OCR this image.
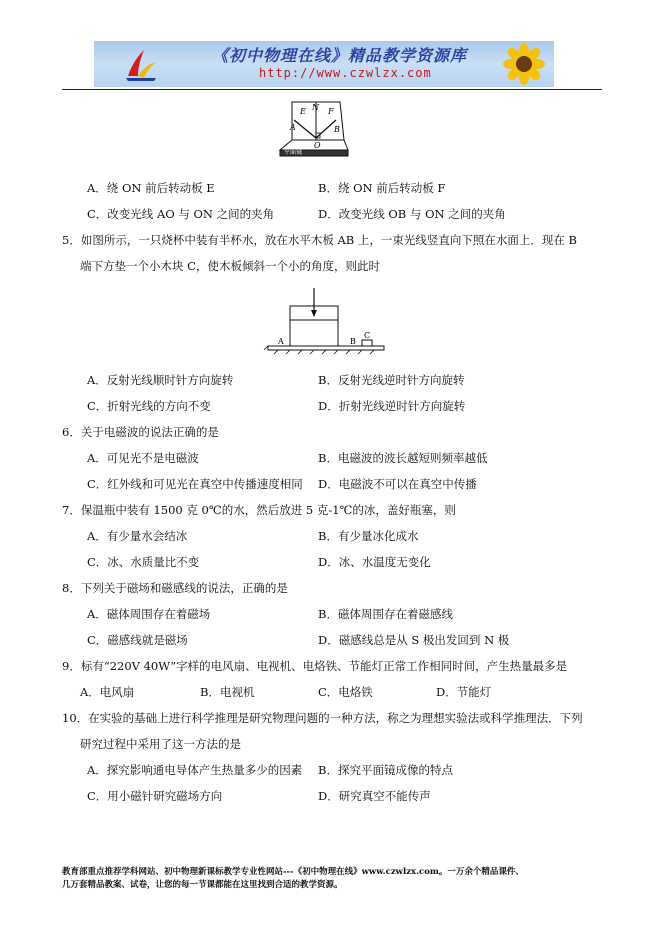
《初中物理在线》精品教学资源库
http://www.czwlzx.com
E N F
A	B
O
平面镜
A．绕 ON 前后转动板 E	B．绕 ON 前后转动板 F
C．改变光线 AO 与 ON 之间的夹角	D．改变光线 OB 与 ON 之间的夹角
5．如图所示，一只烧杯中装有半杯水，放在水平木板 AB 上，一束光线竖直向下照在水面上．现在 B
端下方垫一个小木块 C，使木板倾斜一个小的角度，则此时
A	B
C
A．反射光线顺时针方向旋转	B．反射光线逆时针方向旋转
C．折射光线的方向不变	D．折射光线逆时针方向旋转
6．关于电磁波的说法正确的是
A．可见光不是电磁波	B．电磁波的波长越短则频率越低
C．红外线和可见光在真空中传播速度相同 D．电磁波不可以在真空中传播
7．保温瓶中装有 1500 克 0℃的水，然后放进 5 克-1℃的冰，盖好瓶塞，则
A．有少量水会结冰	B．有少量冰化成水
C．冰、水质量比不变	D．冰、水温度无变化
8．下列关于磁场和磁感线的说法，正确的是
A．磁体周围存在着磁场	B．磁体周围存在着磁感线
C．磁感线就是磁场	D．磁感线总是从 S 极出发回到 N 极
9．标有“220V 40W”字样的电风扇、电视机、电烙铁、节能灯正常工作相同时间，产生热量最多是
A．电风扇	B．电视机	C．电烙铁	D．节能灯
10．在实验的基础上进行科学推理是研究物理问题的一种方法，称之为理想实验法或科学推理法．下列
研究过程中采用了这一方法的是
A．探究影响通电导体产生热量多少的因素 B．探究平面镜成像的特点
C．用小磁针研究磁场方向	D．研究真空不能传声
教育部重点推荐学科网站、初中物理新课标教学专业性网站---《初中物理在线》www.czwlzx.com。一万余个精品课件、
几万套精品教案、试卷，让您的每一节课都能在这里找到合适的教学资源。
